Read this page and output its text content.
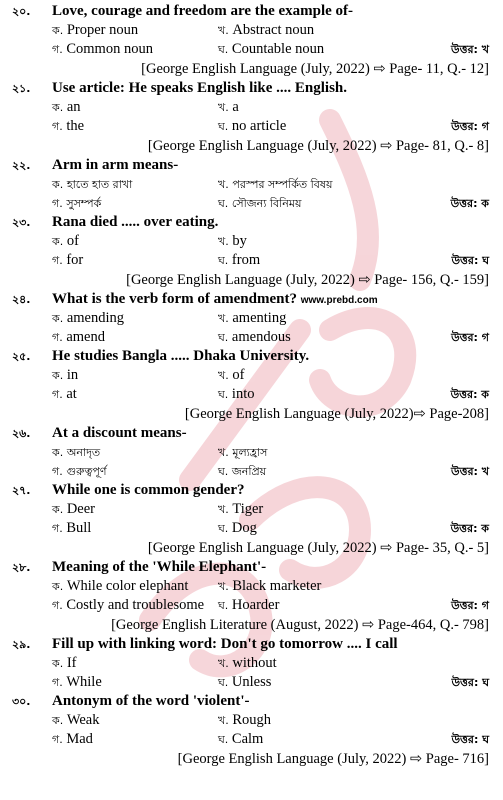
২০. Love, courage and freedom are the example of-
ক. Proper noun	খ. Abstract noun
গ. Common noun	ঘ. Countable noun	উত্তর: খ
[George English Language (July, 2022) ⇨ Page- 11, Q.- 12]
২১. Use article: He speaks English like .... English.
ক. an	খ. a
গ. the	ঘ. no article	উত্তর: গ
[George English Language (July, 2022) ⇨ Page- 81, Q.- 8]
২২. Arm in arm means-
ক. হাতে হাত রাখা	খ. পরস্পর সম্পর্কিত বিষয়
গ. সুসম্পর্ক	ঘ. সৌজন্য বিনিময়	উত্তর: ক
২৩. Rana died ..... over eating.
ক. of	খ. by
গ. for	ঘ. from	উত্তর: ঘ
[George English Language (July, 2022) ⇨ Page- 156, Q.- 159]
২৪. What is the verb form of amendment? www.prebd.com
ক. amending	খ. amenting
গ. amend	ঘ. amendous	উত্তর: গ
২৫. He studies Bangla ..... Dhaka University.
ক. in	খ. of
গ. at	ঘ. into	উত্তর: ক
[George English Language (July, 2022)⇨ Page-208]
২৬. At a discount means-
ক. অনাদৃত	খ. মূল্যহ্রাস
গ. গুরুত্বপূর্ণ	ঘ. জনপ্রিয়	উত্তর: খ
২৭. While one is common gender?
ক. Deer	খ. Tiger
গ. Bull	ঘ. Dog	উত্তর: ক
[George English Language (July, 2022) ⇨ Page- 35, Q.- 5]
২৮. Meaning of the 'While Elephant'-
ক. While color elephant	খ. Black marketer
গ. Costly and troublesome ঘ. Hoarder	উত্তর: গ
[George English Literature (August, 2022) ⇨ Page-464, Q.- 798]
২৯. Fill up with linking word: Don't go tomorrow .... I call
ক. If	খ. without
গ. While	ঘ. Unless	উত্তর: ঘ
৩০. Antonym of the word 'violent'-
ক. Weak	খ. Rough
গ. Mad	ঘ. Calm	উত্তর: ঘ
[George English Language (July, 2022) ⇨ Page- 716]
